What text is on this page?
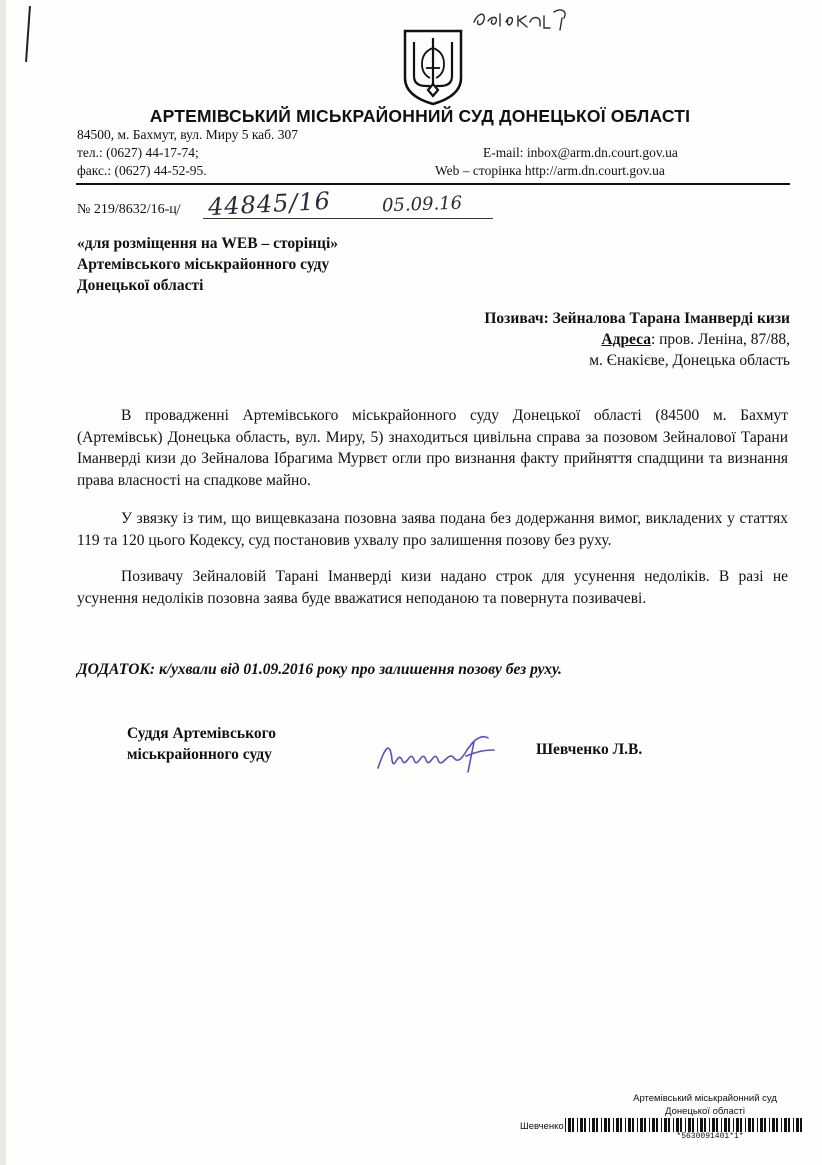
АРТЕМІВСЬКИЙ МІСЬКРАЙОННИЙ СУД ДОНЕЦЬКОЇ ОБЛАСТІ
84500, м. Бахмут, вул. Миру 5 каб. 307
тел.: (0627) 44-17-74;
факс.: (0627) 44-52-95.
E-mail: inbox@arm.dn.court.gov.ua
Web – сторінка http://arm.dn.court.gov.ua
№ 219/8632/16-ц/ 44845/16	05.09.16
«для розміщення на WEB – сторінці»
Артемівського міськрайонного суду
Донецької області
Позивач: Зейналова Тарана Іманверді кизи
Адреса: пров. Леніна, 87/88,
м. Єнакієве, Донецька область
В провадженні Артемівського міськрайонного суду Донецької області (84500 м. Бахмут (Артемівськ) Донецька область, вул. Миру, 5) знаходиться цивільна справа за позовом Зейналової Тарани Іманверді кизи до Зейналова Ібрагима Мурвєт огли про визнання факту прийняття спадщини та визнання права власності на спадкове майно.
У звязку із тим, що вищевказана позовна заява подана без додержання вимог, викладених у статтях 119 та 120 цього Кодексу, суд постановив ухвалу про залишення позову без руху.
Позивачу Зейналовій Тарані Іманверді кизи надано строк для усунення недоліків. В разі не усунення недоліків позовна заява буде вважатися неподаною та повернута позивачеві.
ДОДАТОК: к/ухвали від 01.09.2016 року про залишення позову без руху.
Суддя Артемівського
міськрайонного суду	Шевченко Л.В.
Артемівський міськрайонний суд
Донецької області
Шевченко
*5630091401*1*
